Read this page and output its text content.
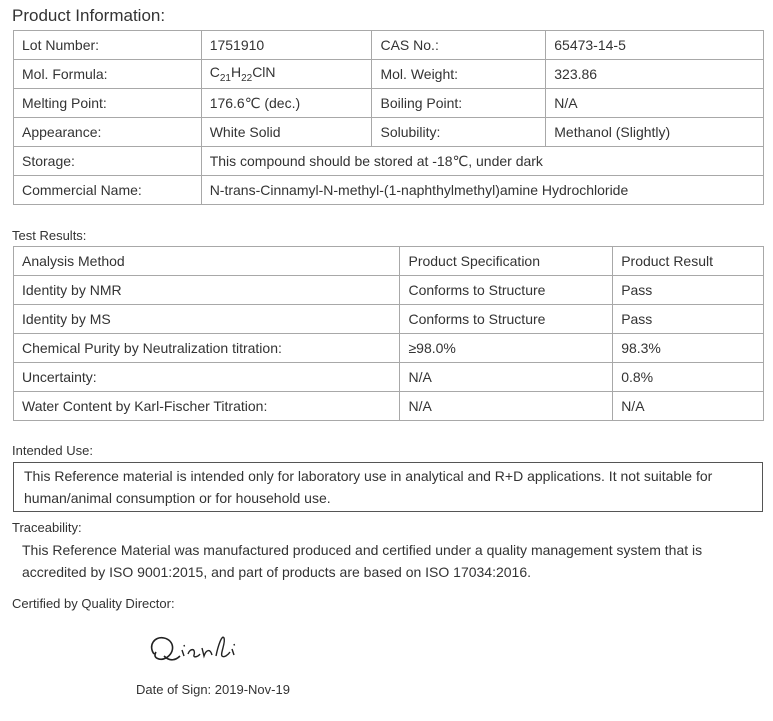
Product Information:
Lot Number:	1751910	CAS No.:	65473-14-5
Mol. Formula:	$C_{21}H_{22}ClN$	Mol. Weight:	323.86
Melting Point:	176.6℃ (dec.)	Boiling Point:	N/A
Appearance:	White Solid	Solubility:	Methanol (Slightly)
Storage:	This compound should be stored at -18℃, under dark		
Commercial Name:	N-trans-Cinnamyl-N-methyl-(1-naphthylmethyl)amine Hydrochloride		
Test Results:
Analysis Method	Product Specification	Product Result
Identity by NMR	Conforms to Structure	Pass
Identity by MS	Conforms to Structure	Pass
Chemical Purity by Neutralization titration:	≥98.0%	98.3%
Uncertainty:	N/A	0.8%
Water Content by Karl-Fischer Titration:	N/A	N/A
Intended Use:
This Reference material is intended only for laboratory use in analytical and R+D applications. It not suitable for human/animal consumption or for household use.
Traceability:
This Reference Material was manufactured produced and certified under a quality management system that is accredited by ISO 9001:2015, and part of products are based on ISO 17034:2016.
Certified by Quality Director:
Date of Sign: 2019-Nov-19
